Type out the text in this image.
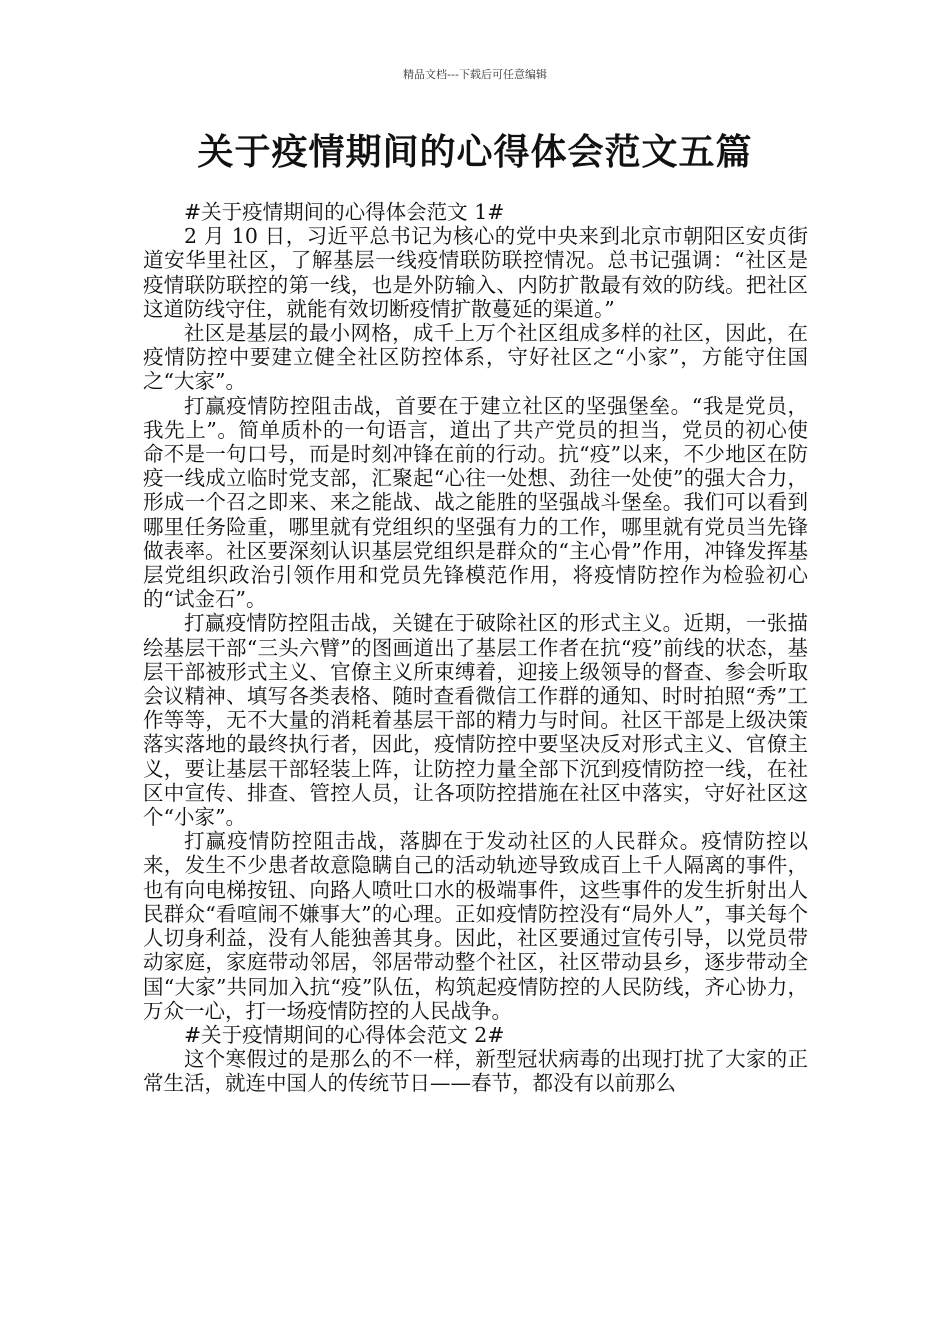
精品文档---下载后可任意编辑
关于疫情期间的心得体会范文五篇

#关于疫情期间的心得体会范文 1#

2 月 10 日，习近平总书记为核心的党中央来到北京市朝阳区安贞街道安华里社区，了解基层一线疫情联防联控情况。总书记强调：“社区是疫情联防联控的第一线，也是外防输入、内防扩散最有效的防线。把社区这道防线守住，就能有效切断疫情扩散蔓延的渠道。”

社区是基层的最小网格，成千上万个社区组成多样的社区，因此，在疫情防控中要建立健全社区防控体系，守好社区之“小家”，方能守住国之“大家”。

打赢疫情防控阻击战，首要在于建立社区的坚强堡垒。“我是党员，我先上”。简单质朴的一句语言，道出了共产党员的担当，党员的初心使命不是一句口号，而是时刻冲锋在前的行动。抗“疫”以来，不少地区在防疫一线成立临时党支部，汇聚起“心往一处想、劲往一处使”的强大合力，形成一个召之即来、来之能战、战之能胜的坚强战斗堡垒。我们可以看到哪里任务险重，哪里就有党组织的坚强有力的工作，哪里就有党员当先锋做表率。社区要深刻认识基层党组织是群众的“主心骨”作用，冲锋发挥基层党组织政治引领作用和党员先锋模范作用，将疫情防控作为检验初心的“试金石”。

打赢疫情防控阻击战，关键在于破除社区的形式主义。近期，一张描绘基层干部“三头六臂”的图画道出了基层工作者在抗“疫”前线的状态，基层干部被形式主义、官僚主义所束缚着，迎接上级领导的督查、参会听取会议精神、填写各类表格、随时查看微信工作群的通知、时时拍照“秀”工作等等，无不大量的消耗着基层干部的精力与时间。社区干部是上级决策落实落地的最终执行者，因此，疫情防控中要坚决反对形式主义、官僚主义，要让基层干部轻装上阵，让防控力量全部下沉到疫情防控一线，在社区中宣传、排查、管控人员，让各项防控措施在社区中落实，守好社区这个“小家”。

打赢疫情防控阻击战，落脚在于发动社区的人民群众。疫情防控以来，发生不少患者故意隐瞒自己的活动轨迹导致成百上千人隔离的事件，也有向电梯按钮、向路人喷吐口水的极端事件，这些事件的发生折射出人民群众“看喧闹不嫌事大”的心理。正如疫情防控没有“局外人”，事关每个人切身利益，没有人能独善其身。因此，社区要通过宣传引导，以党员带动家庭，家庭带动邻居，邻居带动整个社区，社区带动县乡，逐步带动全国“大家”共同加入抗“疫”队伍，构筑起疫情防控的人民防线，齐心协力，万众一心，打一场疫情防控的人民战争。

#关于疫情期间的心得体会范文 2#

这个寒假过的是那么的不一样，新型冠状病毒的出现打扰了大家的正常生活，就连中国人的传统节日——春节，都没有以前那么
